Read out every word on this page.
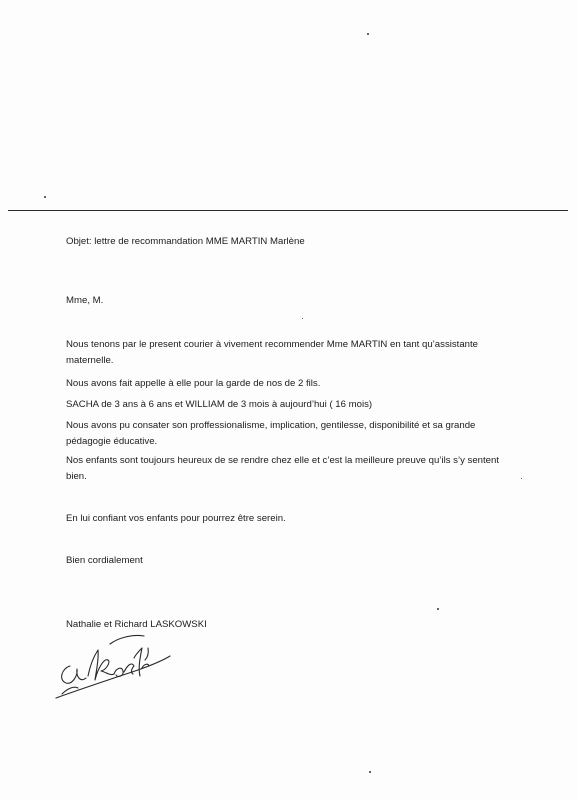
Objet: lettre de recommandation MME MARTIN Marlène
Mme, M.
Nous tenons par le present courier à vivement recommender Mme MARTIN en tant qu’assistante
maternelle.
Nous avons fait appelle à elle pour la garde de nos de 2 fils.
SACHA de 3 ans à 6 ans et WILLIAM de 3 mois à aujourd’hui ( 16 mois)
Nous avons pu consater son proffessionalisme, implication, gentilesse, disponibilité et sa grande
pédagogie éducative.
Nos enfants sont toujours heureux de se rendre chez elle et c’est la meilleure preuve qu’ils s’y sentent
bien.
En lui confiant vos enfants pour pourrez être serein.
Bien cordialement
Nathalie et Richard LASKOWSKI
